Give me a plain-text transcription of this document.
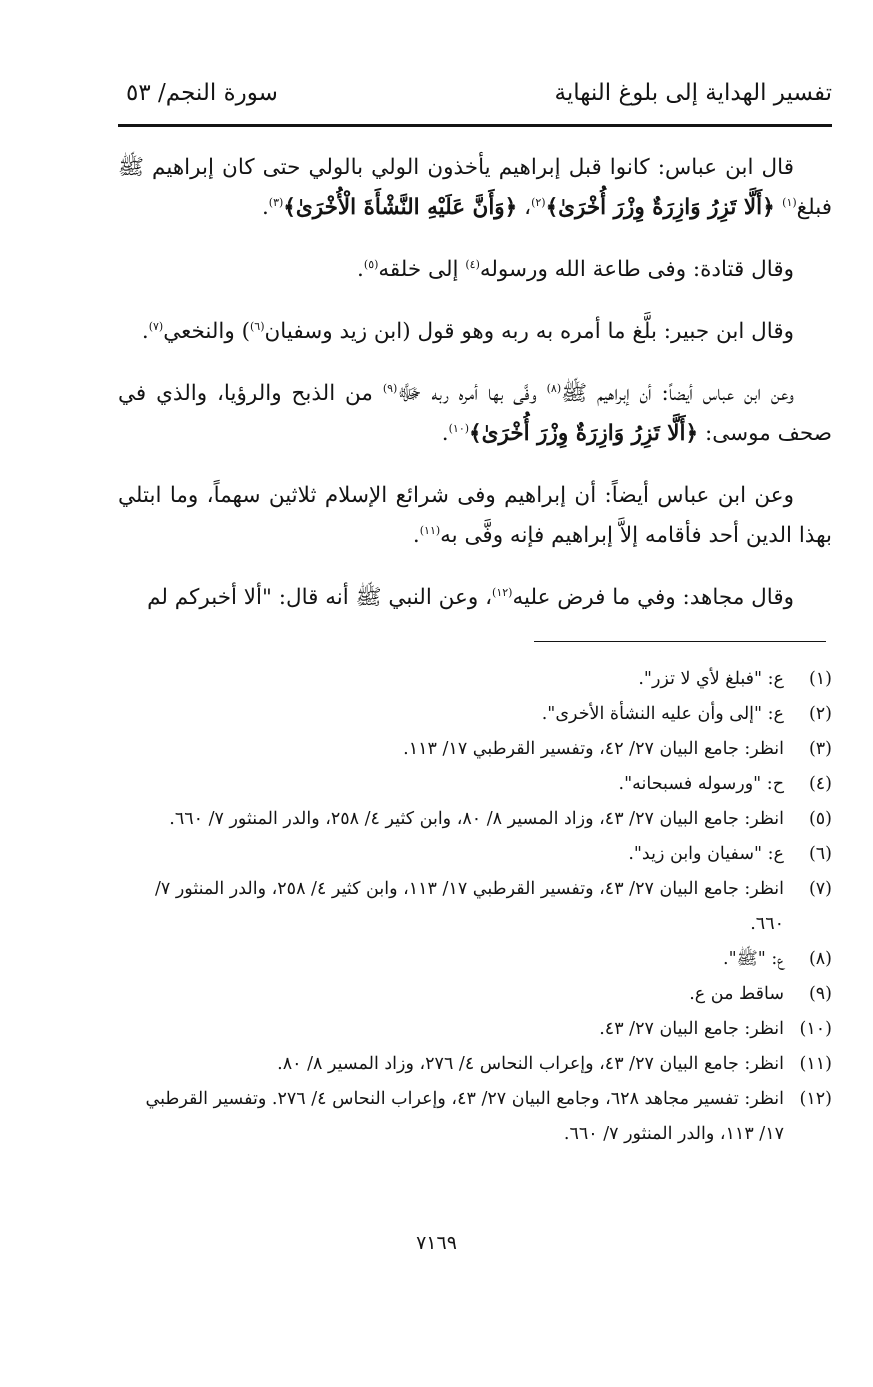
تفسير الهداية إلى بلوغ النهاية
سورة النجم/ ٥٣

قال ابن عباس: كانوا قبل إبراهيم يأخذون الولي بالولي حتى كان إبراهيم ﷺ فبلغ$^{(١)}$ ﴿أَلَّا تَزِرُ وَازِرَةٌ وِزْرَ أُخْرَىٰ﴾$^{(٢)}$، ﴿وَأَنَّ عَلَيْهِ النَّشْأَةَ الْأُخْرَىٰ﴾$^{(٣)}$.

وقال قتادة: وفى طاعة الله ورسوله$^{(٤)}$ إلى خلقه$^{(٥)}$.

وقال ابن جبير: بلَّغ ما أمره به ربه وهو قول (ابن زيد وسفيان$^{(٦)}$) والنخعي$^{(٧)}$.

وعن ابن عباس أيضاً: أن إبراهيم ﷺ$^{(٨)}$ وفَّى بها أمره ربه ﷻ$^{(٩)}$ من الذبح والرؤيا، والذي في صحف موسى: ﴿أَلَّا تَزِرُ وَازِرَةٌ وِزْرَ أُخْرَىٰ﴾$^{(١٠)}$.

وعن ابن عباس أيضاً: أن إبراهيم وفى شرائع الإسلام ثلاثين سهماً، وما ابتلي بهذا الدين أحد فأقامه إلاَّ إبراهيم فإنه وفَّى به$^{(١١)}$.

وقال مجاهد: وفي ما فرض عليه$^{(١٢)}$، وعن النبي ﷺ أنه قال: "ألا أخبركم لم

(١)
ع: "فبلغ لأي لا تزر".
(٢)
ع: "إلى وأن عليه النشأة الأخرى".
(٣)
انظر: جامع البيان ٢٧/ ٤٢، وتفسير القرطبي ١٧/ ١١٣.
(٤)
ح: "ورسوله فسبحانه".
(٥)
انظر: جامع البيان ٢٧/ ٤٣، وزاد المسير ٨/ ٨٠، وابن كثير ٤/ ٢٥٨، والدر المنثور ٧/ ٦٦٠.
(٦)
ع: "سفيان وابن زيد".
(٧)
انظر: جامع البيان ٢٧/ ٤٣، وتفسير القرطبي ١٧/ ١١٣، وابن كثير ٤/ ٢٥٨، والدر المنثور ٧/ ٦٦٠.
(٨)
ع: "ﷺ".
(٩)
ساقط من ع.
(١٠)
انظر: جامع البيان ٢٧/ ٤٣.
(١١)
انظر: جامع البيان ٢٧/ ٤٣، وإعراب النحاس ٤/ ٢٧٦، وزاد المسير ٨/ ٨٠.
(١٢)
انظر: تفسير مجاهد ٦٢٨، وجامع البيان ٢٧/ ٤٣، وإعراب النحاس ٤/ ٢٧٦. وتفسير القرطبي ١٧/ ١١٣، والدر المنثور ٧/ ٦٦٠.
٧١٦٩
